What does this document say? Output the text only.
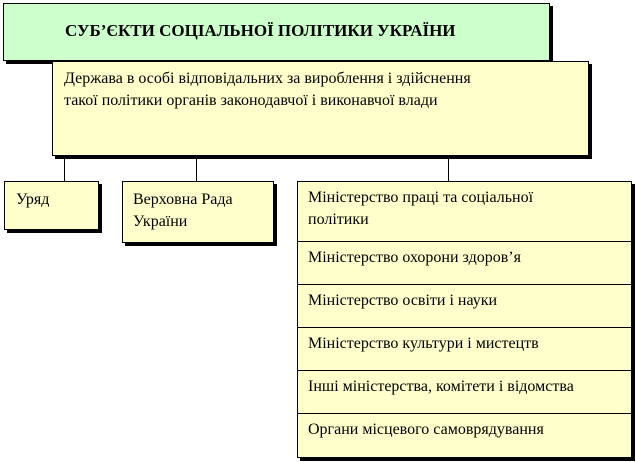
СУБ’ЄКТИ СОЦІАЛЬНОЇ ПОЛІТИКИ УКРАЇНИ
Держава в особі відповідальних за вироблення і здійснення
такої політики органів законодавчої і виконавчої влади
Уряд	Верховна Рада
України
Міністерство праці та соціальної
політики
Міністерство охорони здоров’я
Міністерство освіти і науки
Міністерство культури і мистецтв
Інші міністерства, комітети і відомства
Органи місцевого самоврядування
